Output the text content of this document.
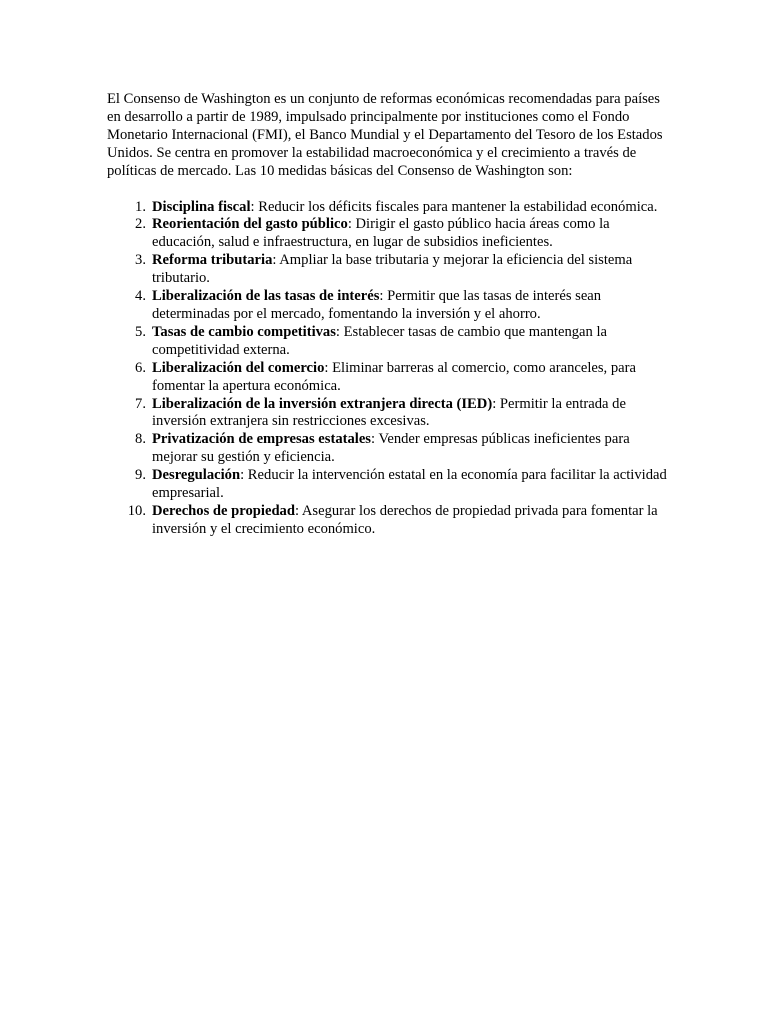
El Consenso de Washington es un conjunto de reformas económicas recomendadas para países en desarrollo a partir de 1989, impulsado principalmente por instituciones como el Fondo Monetario Internacional (FMI), el Banco Mundial y el Departamento del Tesoro de los Estados Unidos. Se centra en promover la estabilidad macroeconómica y el crecimiento a través de políticas de mercado. Las 10 medidas básicas del Consenso de Washington son:

1. Disciplina fiscal: Reducir los déficits fiscales para mantener la estabilidad económica.
2. Reorientación del gasto público: Dirigir el gasto público hacia áreas como la educación, salud e infraestructura, en lugar de subsidios ineficientes.
3. Reforma tributaria: Ampliar la base tributaria y mejorar la eficiencia del sistema tributario.
4. Liberalización de las tasas de interés: Permitir que las tasas de interés sean determinadas por el mercado, fomentando la inversión y el ahorro.
5. Tasas de cambio competitivas: Establecer tasas de cambio que mantengan la competitividad externa.
6. Liberalización del comercio: Eliminar barreras al comercio, como aranceles, para fomentar la apertura económica.
7. Liberalización de la inversión extranjera directa (IED): Permitir la entrada de inversión extranjera sin restricciones excesivas.
8. Privatización de empresas estatales: Vender empresas públicas ineficientes para mejorar su gestión y eficiencia.
9. Desregulación: Reducir la intervención estatal en la economía para facilitar la actividad empresarial.
10. Derechos de propiedad: Asegurar los derechos de propiedad privada para fomentar la inversión y el crecimiento económico.
